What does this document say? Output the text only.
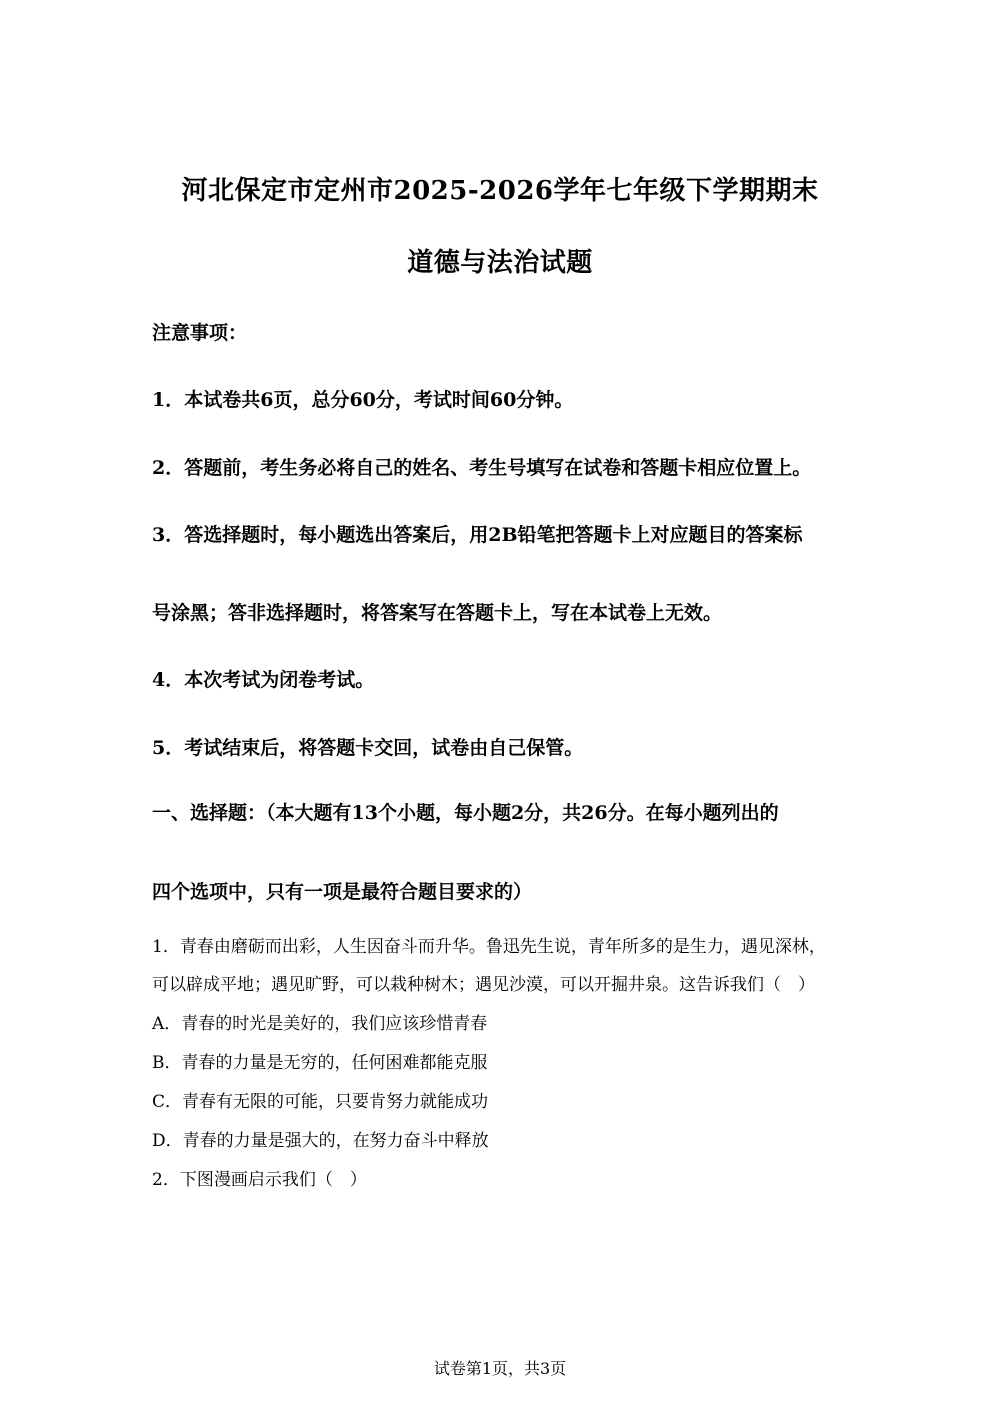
河北保定市定州市2025-2026学年七年级下学期期末
道德与法治试题
注意事项：
1．本试卷共6页，总分60分，考试时间60分钟。
2．答题前，考生务必将自己的姓名、考生号填写在试卷和答题卡相应位置上。
3．答选择题时，每小题选出答案后，用2B铅笔把答题卡上对应题目的答案标
号涂黑；答非选择题时，将答案写在答题卡上，写在本试卷上无效。
4．本次考试为闭卷考试。
5．考试结束后，将答题卡交回，试卷由自己保管。
一、选择题：（本大题有13个小题，每小题2分，共26分。在每小题列出的
四个选项中，只有一项是最符合题目要求的）
1．青春由磨砺而出彩，人生因奋斗而升华。鲁迅先生说，青年所多的是生力，遇见深林，
可以辟成平地；遇见旷野，可以栽种树木；遇见沙漠，可以开掘井泉。这告诉我们（　）
A．青春的时光是美好的，我们应该珍惜青春
B．青春的力量是无穷的，任何困难都能克服
C．青春有无限的可能，只要肯努力就能成功
D．青春的力量是强大的，在努力奋斗中释放
2．下图漫画启示我们（　）
试卷第1页，共3页
